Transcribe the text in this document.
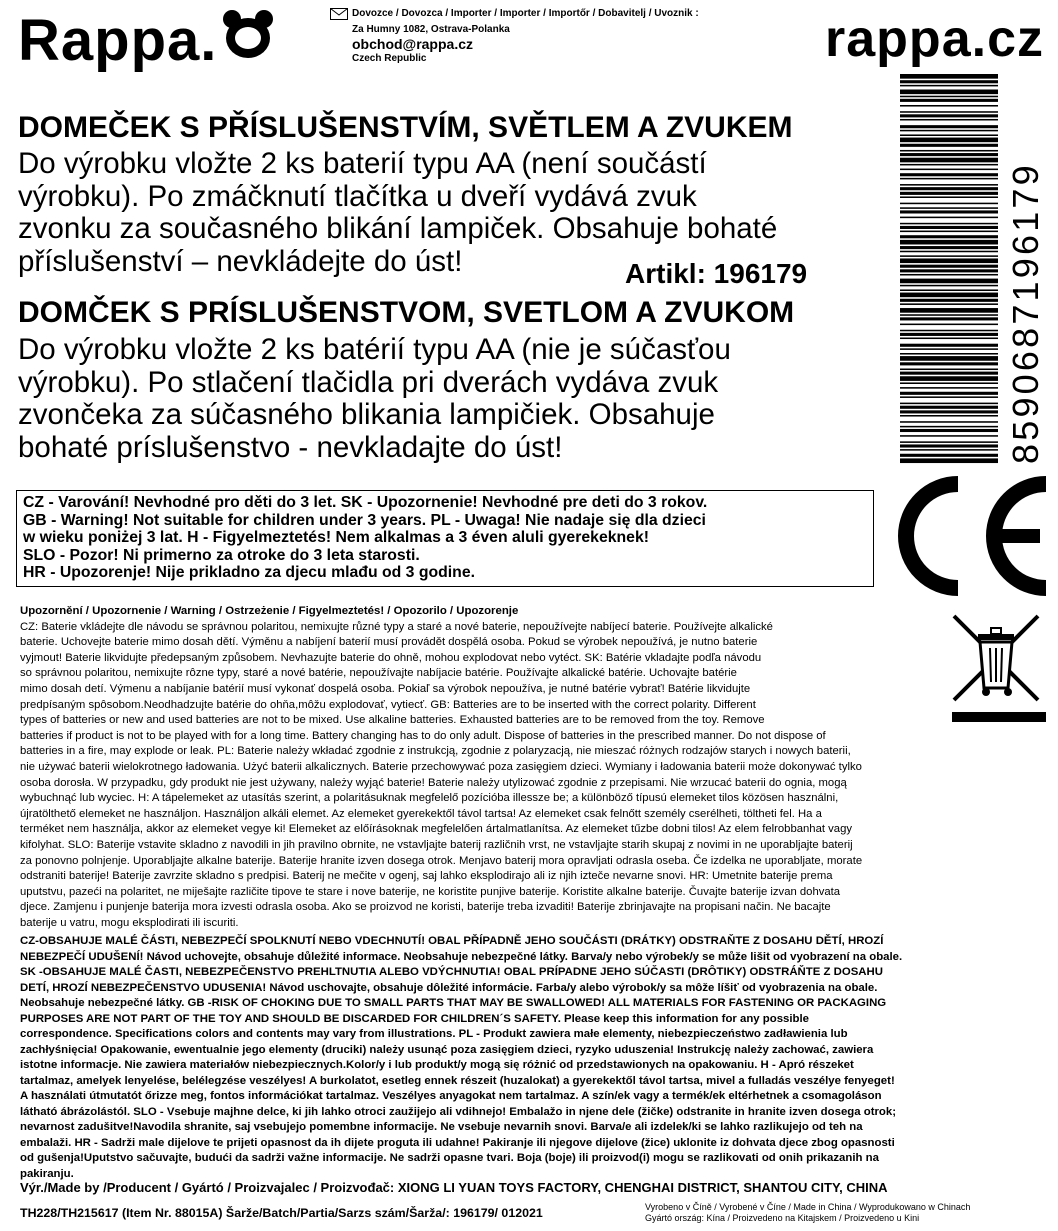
Rappa.	rappa.cz
Dovozce / Dovozca / Importer / Importer / Importőr / Dobavitelj / Uvoznik :
Za Humny 1082, Ostrava-Polanka
obchod@rappa.cz
Czech Republic
DOMEČEK S PŘÍSLUŠENSTVÍM, SVĚTLEM A ZVUKEM
Do výrobku vložte 2 ks baterií typu AA (není součástí
výrobku). Po zmáčknutí tlačítka u dveří vydává zvuk
zvonku za současného blikání lampiček. Obsahuje bohaté
příslušenství – nevkládejte do úst!	Artikl: 196179
DOMČEK S PRÍSLUŠENSTVOM, SVETLOM A ZVUKOM
Do výrobku vložte 2 ks batérií typu AA (nie je súčasťou
výrobku). Po stlačení tlačidla pri dverách vydáva zvuk
zvončeka za súčasného blikania lampičiek. Obsahuje
bohaté príslušenstvo - nevkladajte do úst!	8590687196179
CZ - Varování! Nevhodné pro děti do 3 let. SK - Upozornenie! Nevhodné pre deti do 3 rokov.
GB - Warning! Not suitable for children under 3 years. PL - Uwaga! Nie nadaje się dla dzieci
w wieku poniżej 3 lat. H - Figyelmeztetés! Nem alkalmas a 3 éven aluli gyerekeknek!
SLO - Pozor! Ni primerno za otroke do 3 leta starosti.
HR - Upozorenje! Nije prikladno za djecu mlađu od 3 godine.
Upozornění / Upozornenie / Warning / Ostrzeżenie / Figyelmeztetés! / Opozorilo / Upozorenje
CZ: Baterie vkládejte dle návodu se správnou polaritou, nemixujte různé typy a staré a nové baterie, nepoužívejte nabíjecí baterie. Používejte alkalické
baterie. Uchovejte baterie mimo dosah dětí. Výměnu a nabíjení baterií musí provádět dospělá osoba. Pokud se výrobek nepoužívá, je nutno baterie
vyjmout! Baterie likvidujte předepsaným způsobem. Nevhazujte baterie do ohně, mohou explodovat nebo vytéct. SK: Batérie vkladajte podľa návodu
so správnou polaritou, nemixujte rôzne typy, staré a nové batérie, nepoužívajte nabíjacie batérie. Používajte alkalické batérie. Uchovajte batérie
mimo dosah detí. Výmenu a nabíjanie batérií musí vykonať dospelá osoba. Pokiaľ sa výrobok nepoužíva, je nutné batérie vybrať! Batérie likvidujte
predpísaným spôsobom.Neodhadzujte batérie do ohňa,môžu explodovať, vytiecť. GB: Batteries are to be inserted with the correct polarity. Different
types of batteries or new and used batteries are not to be mixed. Use alkaline batteries. Exhausted batteries are to be removed from the toy. Remove
batteries if product is not to be played with for a long time. Battery changing has to do only adult. Dispose of batteries in the prescribed manner. Do not dispose of
batteries in a fire, may explode or leak. PL: Baterie należy wkładać zgodnie z instrukcją, zgodnie z polaryzacją, nie mieszać różnych rodzajów starych i nowych baterii,
nie używać baterii wielokrotnego ładowania. Użyć baterii alkalicznych. Baterie przechowywać poza zasięgiem dzieci. Wymiany i ładowania baterii może dokonywać tylko
osoba dorosła. W przypadku, gdy produkt nie jest używany, należy wyjąć baterie! Baterie należy utylizować zgodnie z przepisami. Nie wrzucać baterii do ognia, mogą
wybuchnąć lub wyciec. H: A tápelemeket az utasítás szerint, a polaritásuknak megfelelő pozícióba illessze be; a különböző típusú elemeket tilos közösen használni,
újratölthető elemeket ne használjon. Használjon alkáli elemet. Az elemeket gyerekektől távol tartsa! Az elemeket csak felnőtt személy cserélheti, töltheti fel. Ha a
terméket nem használja, akkor az elemeket vegye ki! Elemeket az előírásoknak megfelelően ártalmatlanítsa. Az elemeket tűzbe dobni tilos! Az elem felrobbanhat vagy
kifolyhat. SLO: Baterije vstavite skladno z navodili in jih pravilno obrnite, ne vstavljajte baterij različnih vrst, ne vstavljajte starih skupaj z novimi in ne uporabljajte baterij
za ponovno polnjenje. Uporabljajte alkalne baterije. Baterije hranite izven dosega otrok. Menjavo baterij mora opravljati odrasla oseba. Če izdelka ne uporabljate, morate
odstraniti baterije! Baterije zavrzite skladno s predpisi. Baterij ne mečite v ogenj, saj lahko eksplodirajo ali iz njih izteče nevarne snovi. HR: Umetnite baterije prema
uputstvu, pazeći na polaritet, ne miješajte različite tipove te stare i nove baterije, ne koristite punjive baterije. Koristite alkalne baterije. Čuvajte baterije izvan dohvata
djece. Zamjenu i punjenje baterija mora izvesti odrasla osoba. Ako se proizvod ne koristi, baterije treba izvaditi! Baterije zbrinjavajte na propisani način. Ne bacajte
baterije u vatru, mogu eksplodirati ili iscuriti.
CZ-OBSAHUJE MALÉ ČÁSTI, NEBEZPEČÍ SPOLKNUTÍ NEBO VDECHNUTÍ! OBAL PŘÍPADNĚ JEHO SOUČÁSTI (DRÁTKY) ODSTRAŇTE Z DOSAHU DĚTÍ, HROZÍ
NEBEZPEČÍ UDUŠENÍ! Návod uchovejte, obsahuje důležité informace. Neobsahuje nebezpečné látky. Barva/y nebo výrobek/y se může lišit od vyobrazení na obale.
SK -OBSAHUJE MALÉ ČASTI, NEBEZPEČENSTVO PREHLTNUTIA ALEBO VDÝCHNUTIA! OBAL PRÍPADNE JEHO SÚČASTI (DRÔTIKY) ODSTRÁŇTE Z DOSAHU
DETÍ, HROZÍ NEBEZPEČENSTVO UDUSENIA! Návod uschovajte, obsahuje dôležité informácie. Farba/y alebo výrobok/y sa môže líšiť od vyobrazenia na obale.
Neobsahuje nebezpečné látky. GB -RISK OF CHOKING DUE TO SMALL PARTS THAT MAY BE SWALLOWED! ALL MATERIALS FOR FASTENING OR PACKAGING
PURPOSES ARE NOT PART OF THE TOY AND SHOULD BE DISCARDED FOR CHILDREN´S SAFETY. Please keep this information for any possible
correspondence. Specifications colors and contents may vary from illustrations. PL - Produkt zawiera małe elementy, niebezpieczeństwo zadławienia lub
zachłyśnięcia! Opakowanie, ewentualnie jego elementy (druciki) należy usunąć poza zasięgiem dzieci, ryzyko uduszenia! Instrukcję należy zachować, zawiera
istotne informacje. Nie zawiera materiałów niebezpiecznych.Kolor/y i lub produkt/y mogą się różnić od przedstawionych na opakowaniu. H - Apró részeket
tartalmaz, amelyek lenyelése, belélegzése veszélyes! A burkolatot, esetleg ennek részeit (huzalokat) a gyerekektől távol tartsa, mivel a fulladás veszélye fenyeget!
A használati útmutatót őrizze meg, fontos információkat tartalmaz. Veszélyes anyagokat nem tartalmaz. A szín/ek vagy a termék/ek eltérhetnek a csomagoláson
látható ábrázolástól. SLO - Vsebuje majhne delce, ki jih lahko otroci zaužijejo ali vdihnejo! Embalažo in njene dele (žičke) odstranite in hranite izven dosega otrok;
nevarnost zadušitve!Navodila shranite, saj vsebujejo pomembne informacije. Ne vsebuje nevarnih snovi. Barva/e ali izdelek/ki se lahko razlikujejo od teh na
embalaži. HR - Sadrži male dijelove te prijeti opasnost da ih dijete proguta ili udahne! Pakiranje ili njegove dijelove (žice) uklonite iz dohvata djece zbog opasnosti
od gušenja!Uputstvo sačuvajte, budući da sadrži važne informacije. Ne sadrži opasne tvari. Boja (boje) ili proizvod(i) mogu se razlikovati od onih prikazanih na
pakiranju.
Výr./Made by /Producent / Gyártó / Proizvajalec / Proizvođač: XIONG LI YUAN TOYS FACTORY, CHENGHAI DISTRICT, SHANTOU CITY, CHINA
TH228/TH215617 (Item Nr. 88015A) Šarže/Batch/Partia/Sarzs szám/Šarža/: 196179/ 012021	Vyrobeno v Číně / Vyrobené v Číne / Made in China / Wyprodukowano w Chinach
Gyártó ország: Kína / Proizvedeno na Kitajskem / Proizvedeno u Kini
